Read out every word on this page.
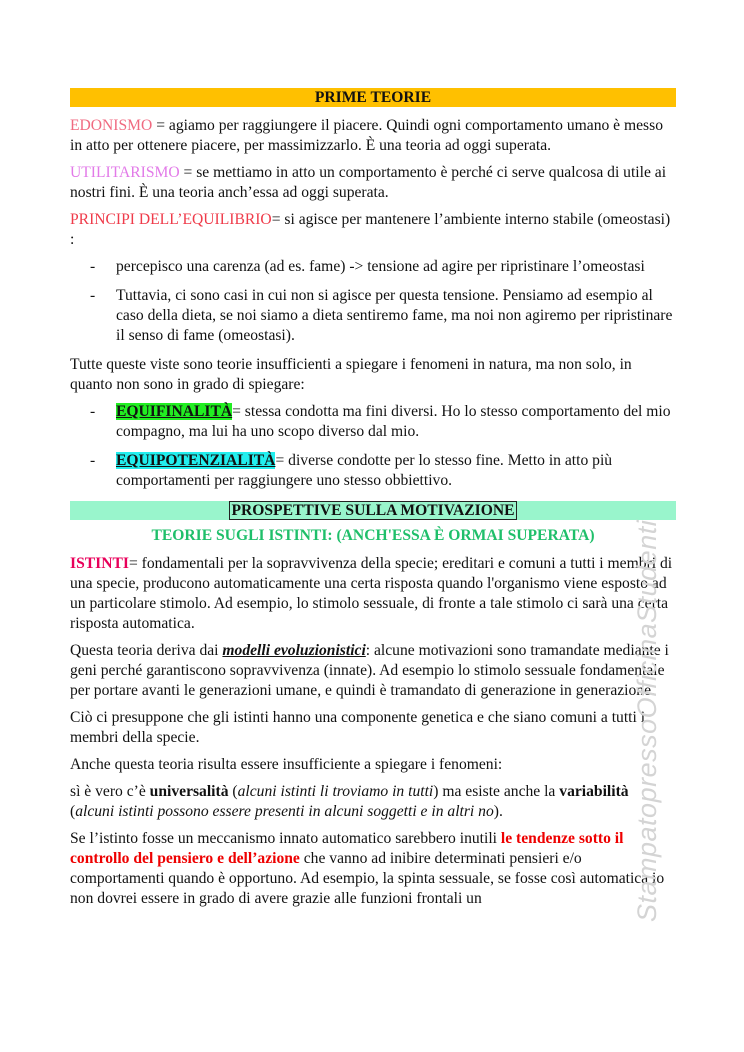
PRIME TEORIE

EDONISMO = agiamo per raggiungere il piacere. Quindi ogni comportamento umano è messo in atto per ottenere piacere, per massimizzarlo. È una teoria ad oggi superata.

UTILITARISMO = se mettiamo in atto un comportamento è perché ci serve qualcosa di utile ai nostri fini. È una teoria anch’essa ad oggi superata.

PRINCIPI DELL’EQUILIBRIO= si agisce per mantenere l’ambiente interno stabile (omeostasi) :

- percepisco una carenza (ad es. fame) -> tensione ad agire per ripristinare l’omeostasi
- Tuttavia, ci sono casi in cui non si agisce per questa tensione. Pensiamo ad esempio al caso della dieta, se noi siamo a dieta sentiremo fame, ma noi non agiremo per ripristinare il senso di fame (omeostasi).

Tutte queste viste sono teorie insufficienti a spiegare i fenomeni in natura, ma non solo, in quanto non sono in grado di spiegare:

- EQUIFINALITÀ= stessa condotta ma fini diversi. Ho lo stesso comportamento del mio compagno, ma lui ha uno scopo diverso dal mio.
- EQUIPOTENZIALITÀ= diverse condotte per lo stesso fine. Metto in atto più comportamenti per raggiungere uno stesso obbiettivo.
PROSPETTIVE SULLA MOTIVAZIONE
TEORIE SUGLI ISTINTI: (ANCH'ESSA È ORMAI SUPERATA)

ISTINTI= fondamentali per la sopravvivenza della specie; ereditari e comuni a tutti i membri di una specie, producono automaticamente una certa risposta quando l'organismo viene esposto ad un particolare stimolo. Ad esempio, lo stimolo sessuale, di fronte a tale stimolo ci sarà una certa risposta automatica.

Questa teoria deriva dai modelli evoluzionistici: alcune motivazioni sono tramandate mediante i geni perché garantiscono sopravvivenza (innate). Ad esempio lo stimolo sessuale fondamentale per portare avanti le generazioni umane, e quindi è tramandato di generazione in generazione.

Ciò ci presuppone che gli istinti hanno una componente genetica e che siano comuni a tutti i membri della specie.

Anche questa teoria risulta essere insufficiente a spiegare i fenomeni:

sì è vero c’è universalità (alcuni istinti li troviamo in tutti) ma esiste anche la variabilità (alcuni istinti possono essere presenti in alcuni soggetti e in altri no).

Se l’istinto fosse un meccanismo innato automatico sarebbero inutili le tendenze sotto il controllo del pensiero e dell’azione che vanno ad inibire determinati pensieri e/o comportamenti quando è opportuno. Ad esempio, la spinta sessuale, se fosse così automatica io non dovrei essere in grado di avere grazie alle funzioni frontali un	StampatopressoOfficinaStudenti
